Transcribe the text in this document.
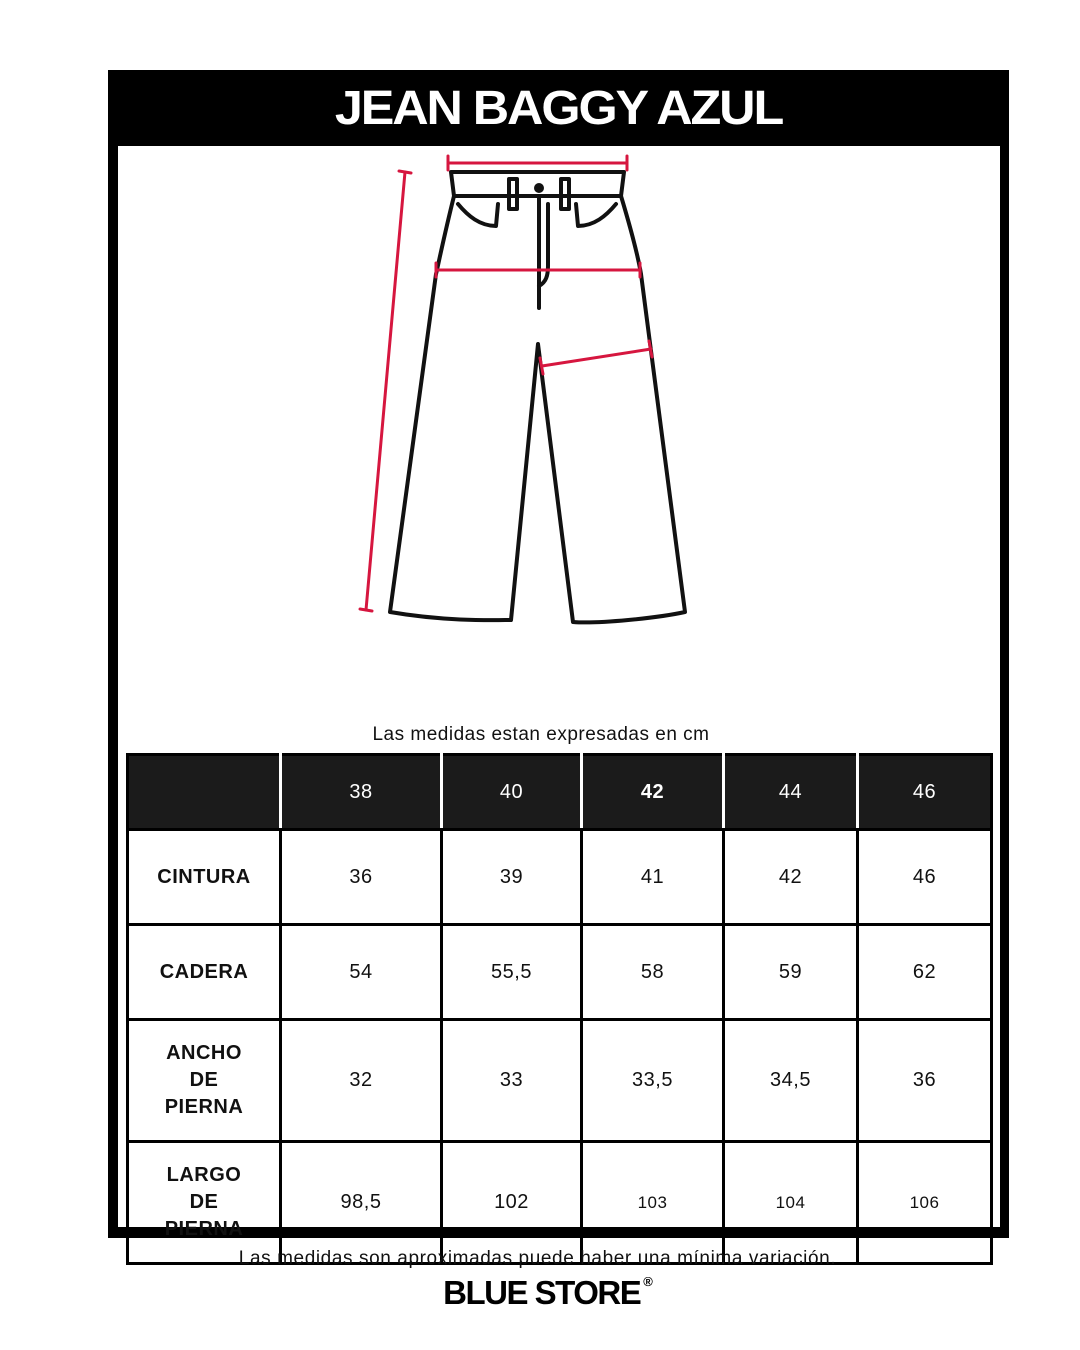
JEAN BAGGY AZUL
Las medidas estan expresadas en cm
	38	40	42	44	46
CINTURA	36	39	41	42	46
CADERA	54	55,5	58	59	62
ANCHO
DE
PIERNA	32	33	33,5	34,5	36
LARGO
DE
PIERNA	98,5	102	103	104	106
Las medidas son aproximadas puede haber una mínima variación.
BLUE STORE ®
